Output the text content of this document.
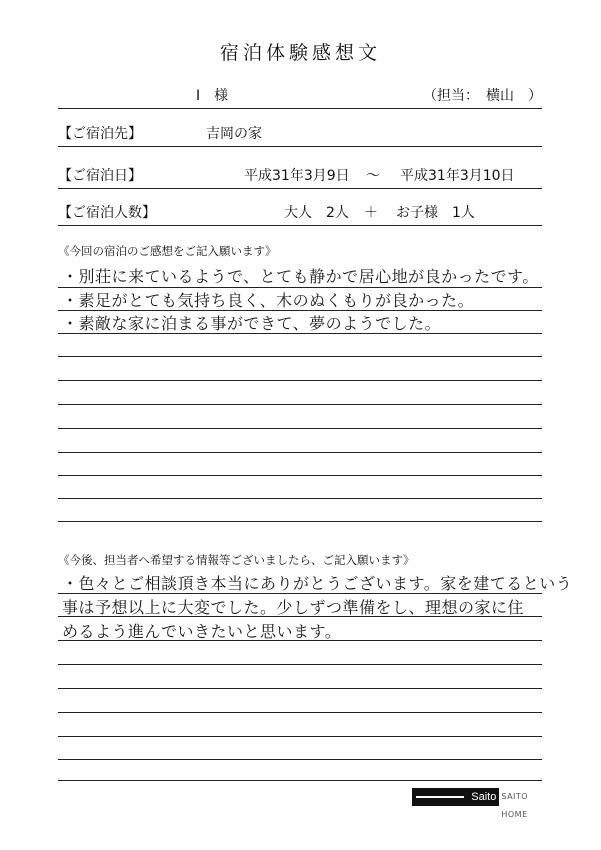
宿泊体験感想文
I　様	（担当：　横山　）
【ご宿泊先】	吉岡の家
【ご宿泊日】	平成31年3月9日 ～ 平成31年3月10日
【ご宿泊人数】	大人　2人 ＋ お子様　1人
《今回の宿泊のご感想をご記入願います》
・別荘に来ているようで、とても静かで居心地が良かったです。
・素足がとても気持ち良く、木のぬくもりが良かった。
・素敵な家に泊まる事ができて、夢のようでした。
《今後、担当者へ希望する情報等ございましたら、ご記入願います》
・色々とご相談頂き本当にありがとうございます。家を建てるという
事は予想以上に大変でした。少しずつ準備をし、理想の家に住
めるよう進んでいきたいと思います。
Saito SAITO HOME
